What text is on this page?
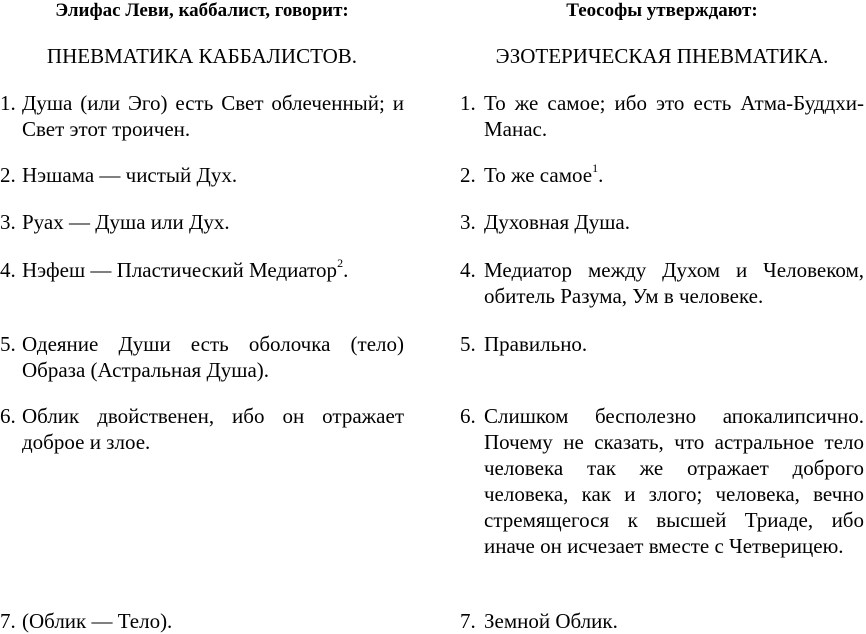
Элифас Леви, каббалист, говорит:
ПНЕВМАТИКА КАББАЛИСТОВ.
1. Душа (или Эго) есть Свет облеченный; и Свет этот троичен.
2. Нэшама — чистый Дух.
3. Руах — Душа или Дух.
4. Нэфеш — Пластический Медиатор$^2$.
5. Одеяние Души есть оболочка (тело) Образа (Астральная Душа).
6. Облик двойственен, ибо он отражает доброе и злое.
7. (Облик — Тело).
Теософы утверждают:
ЭЗОТЕРИЧЕСКАЯ ПНЕВМАТИКА.
1. То же самое; ибо это есть Атма-Буддхи-Манас.
2. То же самое$^1$.
3. Духовная Душа.
4. Медиатор между Духом и Человеком, обитель Разума, Ум в человеке.
5. Правильно.
6. Слишком бесполезно апокалипсично. Почему не сказать, что астральное тело человека так же отражает доброго человека, как и злого; человека, вечно стремящегося к высшей Триаде, ибо иначе он исчезает вместе с Четверицею.
7. Земной Облик.
